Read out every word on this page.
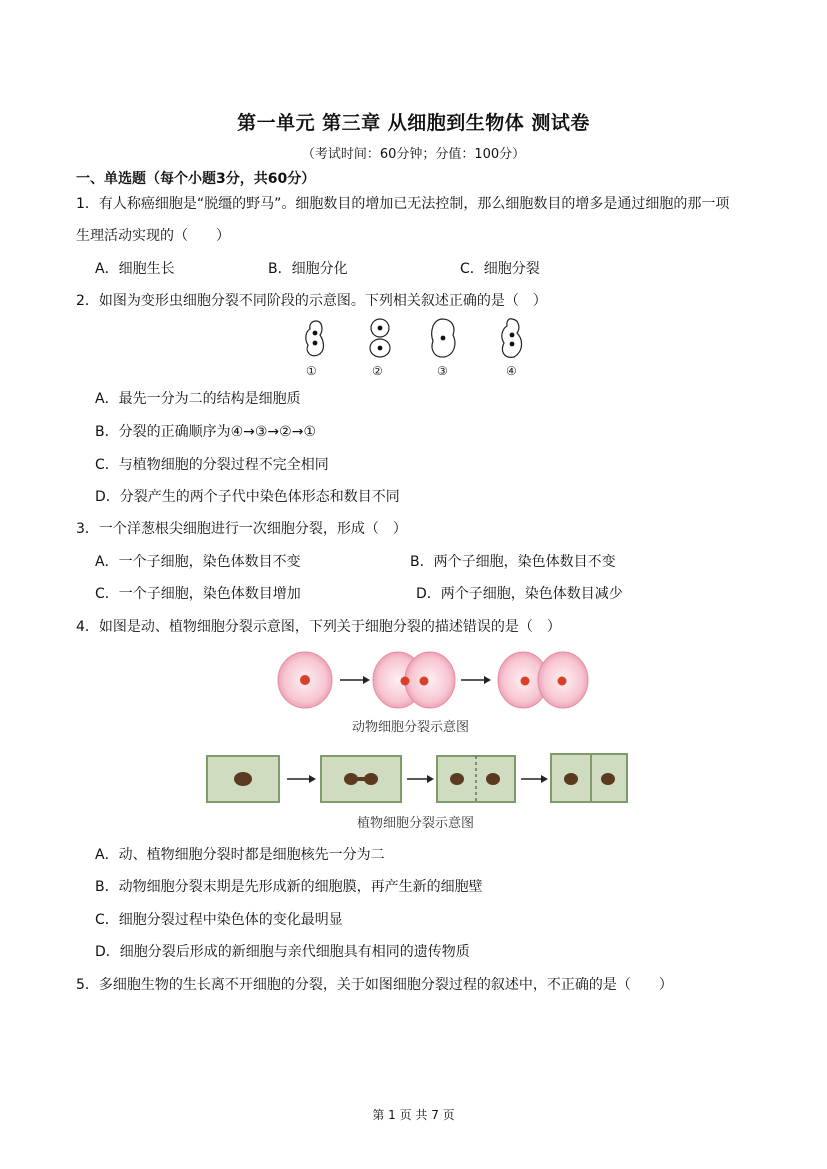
第一单元 第三章 从细胞到生物体 测试卷
（考试时间：60分钟；分值：100分）
一、单选题（每个小题3分，共60分）
1．有人称癌细胞是“脱缰的野马”。细胞数目的增加已无法控制，那么细胞数目的增多是通过细胞的那一项
生理活动实现的（　　）
A．细胞生长	B．细胞分化	C．细胞分裂
2．如图为变形虫细胞分裂不同阶段的示意图。下列相关叙述正确的是（　）
①	②	③	④
A．最先一分为二的结构是细胞质
B．分裂的正确顺序为④→③→②→①
C．与植物细胞的分裂过程不完全相同
D．分裂产生的两个子代中染色体形态和数目不同
3．一个洋葱根尖细胞进行一次细胞分裂，形成（　）
A．一个子细胞，染色体数目不变	B．两个子细胞，染色体数目不变
C．一个子细胞，染色体数目增加	D．两个子细胞，染色体数目减少
4．如图是动、植物细胞分裂示意图，下列关于细胞分裂的描述错误的是（　）
动物细胞分裂示意图
植物细胞分裂示意图
A．动、植物细胞分裂时都是细胞核先一分为二
B．动物细胞分裂末期是先形成新的细胞膜，再产生新的细胞壁
C．细胞分裂过程中染色体的变化最明显
D．细胞分裂后形成的新细胞与亲代细胞具有相同的遗传物质
5．多细胞生物的生长离不开细胞的分裂，关于如图细胞分裂过程的叙述中，不正确的是（　　）
第 1 页 共 7 页
